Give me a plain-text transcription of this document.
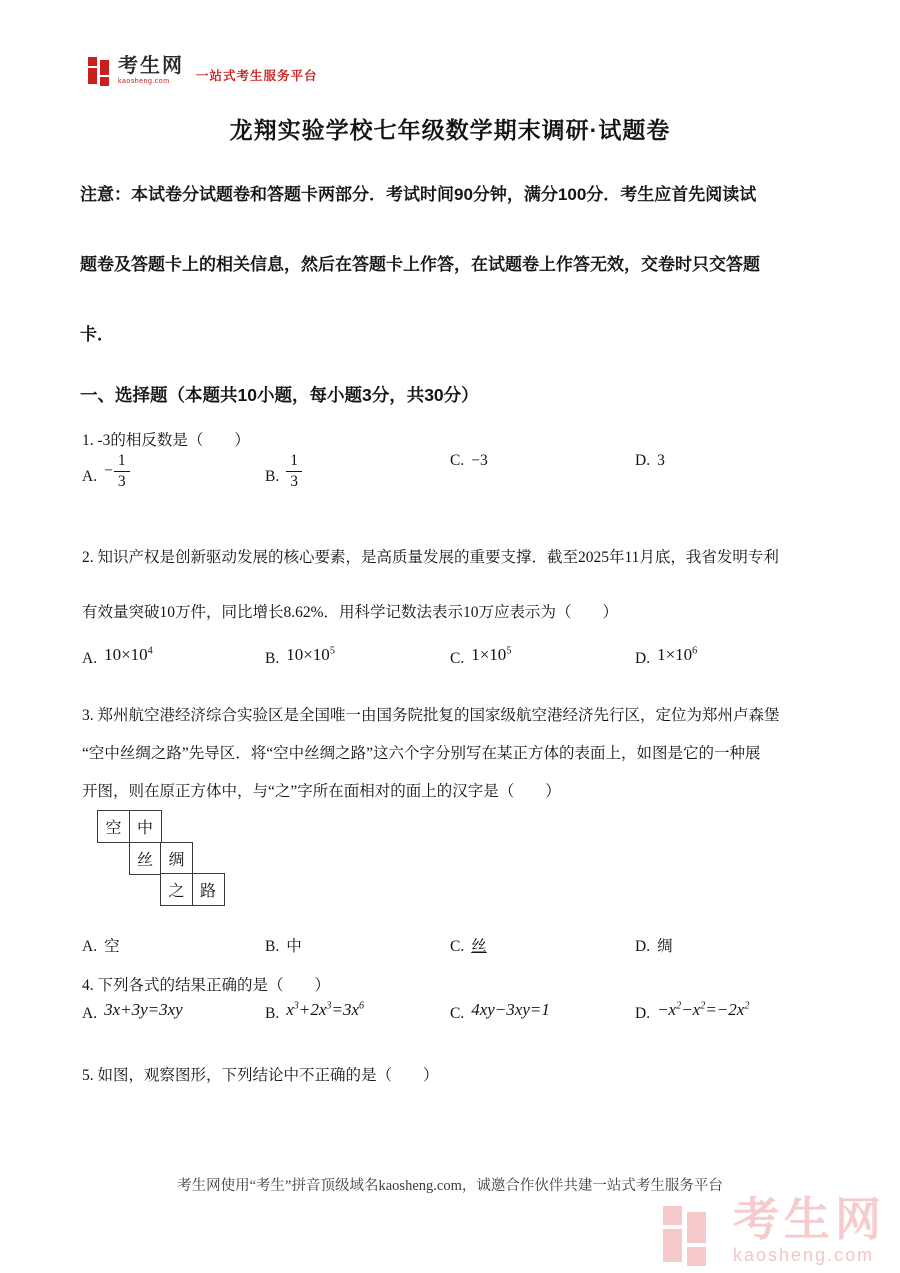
考生网
kaosheng.com	一站式考生服务平台
龙翔实验学校七年级数学期末调研·试题卷
注意：本试卷分试题卷和答题卡两部分．考试时间90分钟，满分100分．考生应首先阅读试
题卷及答题卡上的相关信息，然后在答题卡上作答，在试题卷上作答无效，交卷时只交答题
卡．
一、选择题（本题共10小题，每小题3分，共30分）
1. -3的相反数是（　　）
A. − $\frac{1}{3}$	B. $\frac{1}{3}$	C. −3	D. 3
2. 知识产权是创新驱动发展的核心要素，是高质量发展的重要支撑．截至2025年11月底，我省发明专利
有效量突破10万件，同比增长8.62%．用科学记数法表示10万应表示为（　　）
A. $10\times 10^4$	B. $10\times 10^5$	C. $1\times 10^5$	D. $1\times 10^6$
3. 郑州航空港经济综合实验区是全国唯一由国务院批复的国家级航空港经济先行区，定位为郑州卢森堡
“空中丝绸之路”先导区．将“空中丝绸之路”这六个字分别写在某正方体的表面上，如图是它的一种展
开图，则在原正方体中，与“之”字所在面相对的面上的汉字是（　　）
空 中
丝 绸
之 路
A. 空	B. 中	C. 丝	D. 绸
4. 下列各式的结果正确的是（　　）
A. 3x+3y=3xy	B. $x^3+2x^3=3x^6$	C. 4xy−3xy=1	D. $-x^2-x^2=-2x^2$
5. 如图，观察图形，下列结论中不正确的是（　　）
考生网使用“考生”拼音顶级域名kaosheng.com，诚邀合作伙伴共建一站式考生服务平台
考生网
kaosheng.com
